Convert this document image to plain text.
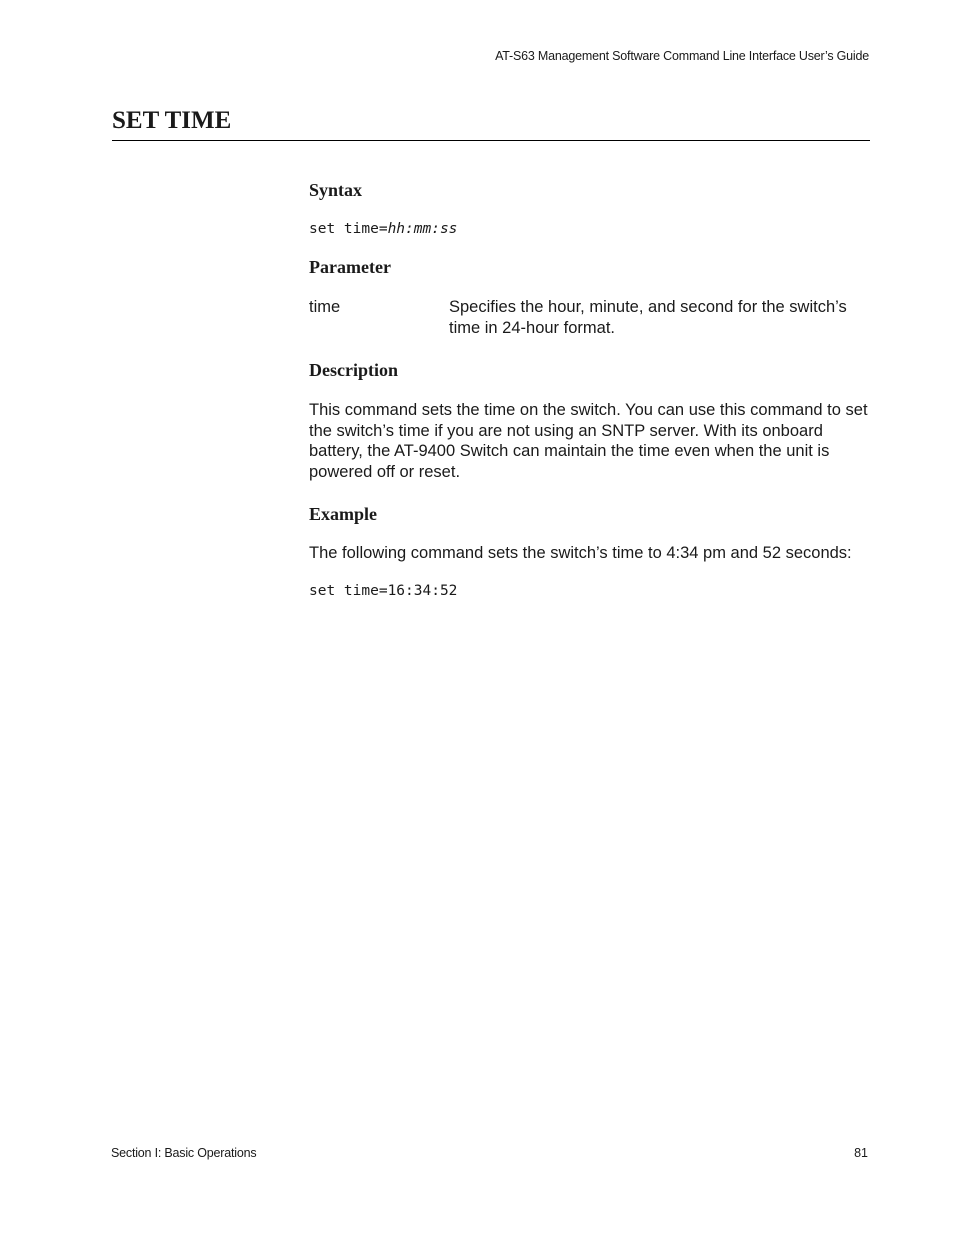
AT-S63 Management Software Command Line Interface User’s Guide
SET TIME
Syntax
set time=hh:mm:ss
Parameter
time	Specifies the hour, minute, and second for the switch’s time in 24-hour format.

Description

This command sets the time on the switch. You can use this command to set the switch’s time if you are not using an SNTP server. With its onboard battery, the AT-9400 Switch can maintain the time even when the unit is powered off or reset.

Example

The following command sets the switch’s time to 4:34 pm and 52 seconds:

set time=16:34:52
Section I: Basic Operations	81
